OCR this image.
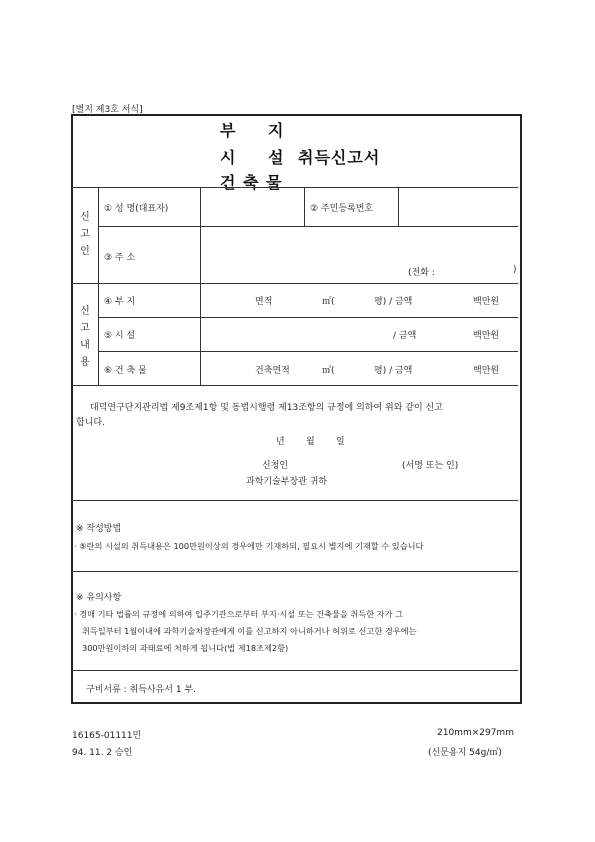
[별지 제3호 서식]
부 지
시 설 취득신고서
건 축 물
신
고
인
① 성 명(대표자)	② 주민등록번호
③ 주 소
(전화 :	)
신
고
내
용
④ 부 지	면적	㎡(	평) / 금액	백만원
⑤ 시 설	/ 금액	백만원
⑥ 건 축 물	건축면적	㎡(	평) / 금액	백만원
대덕연구단지관리법 제9조제1항 및 동법시행령 제13조항의 규정에 의하여 위와 같이 신고
합니다.
년 월 일
신청인	(서명 또는 인)
과학기술부장관 귀하
※ 작성방법
· ⑤란의 시설의 취득내용은 100만원이상의 경우에만 기재하되, 필요시 별지에 기재할 수 있습니다
※ 유의사항
· 경매 기타 법률의 규정에 의하여 입주기관으로부터 부지·시설 또는 건축물을 취득한 자가 그
취득일부터 1월이내에 과학기술처장관에게 이를 신고하지 아니하거나 허위로 신고한 경우에는
300만원이하의 과태료에 처하게 됩니다(법 제18조제2항)
구비서류 : 취득사유서 1 부.
16165-01111민
94. 11. 2 승인
210mm×297mm
(신문용지 54g/㎡)
